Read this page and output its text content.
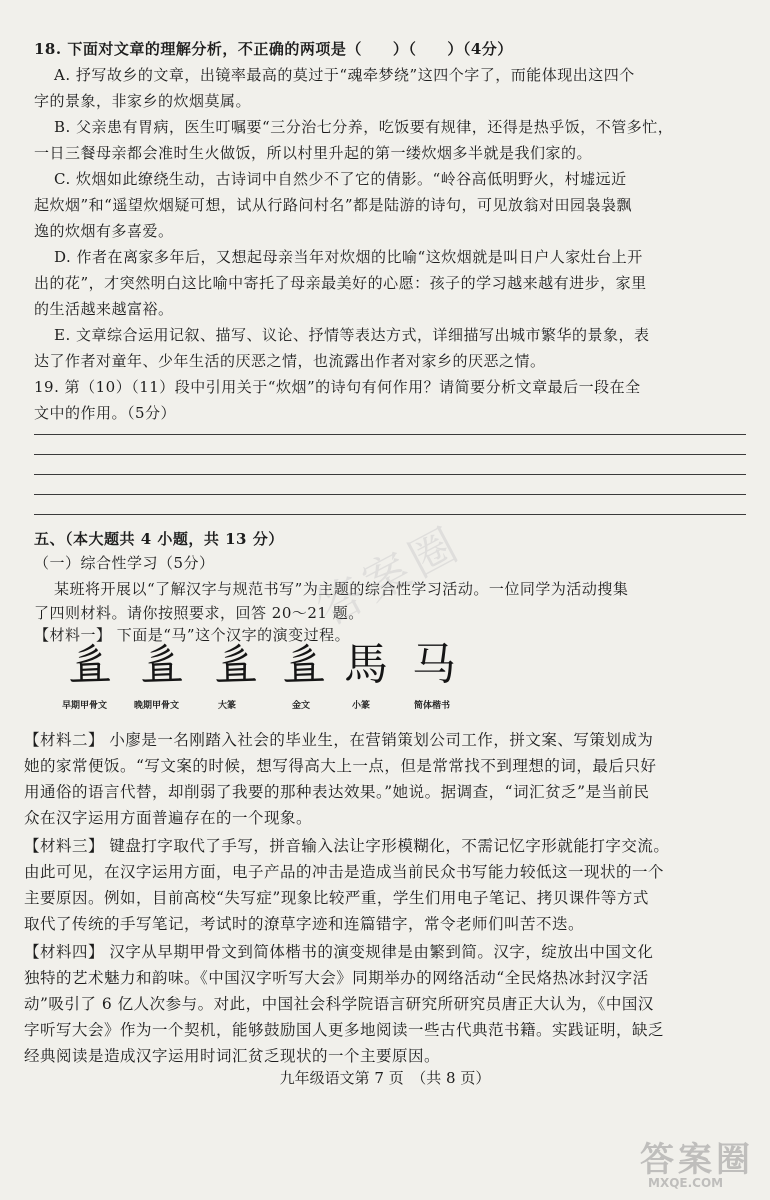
18. 下面对文章的理解分析，不正确的两项是（　　）（　　）（4分）
A. 抒写故乡的文章，出镜率最高的莫过于“魂牵梦绕”这四个字了，而能体现出这四个
字的景象，非家乡的炊烟莫属。
B. 父亲患有胃病，医生叮嘱要“三分治七分养，吃饭要有规律，还得是热乎饭，不管多忙，
一日三餐母亲都会准时生火做饭，所以村里升起的第一缕炊烟多半就是我们家的。
C. 炊烟如此缭绕生动，古诗词中自然少不了它的倩影。“岭谷高低明野火，村墟远近
起炊烟”和“遥望炊烟疑可想，试从行路问村名”都是陆游的诗句，可见放翁对田园袅袅飘
逸的炊烟有多喜爱。
D. 作者在离家多年后，又想起母亲当年对炊烟的比喻“这炊烟就是叫日户人家灶台上开
出的花”，才突然明白这比喻中寄托了母亲最美好的心愿：孩子的学习越来越有进步，家里
的生活越来越富裕。
E. 文章综合运用记叙、描写、议论、抒情等表达方式，详细描写出城市繁华的景象，表
达了作者对童年、少年生活的厌恶之情，也流露出作者对家乡的厌恶之情。
19. 第（10）（11）段中引用关于“炊烟”的诗句有何作用？请简要分析文章最后一段在全
文中的作用。（5分）
五、（本大题共 4 小题，共 13 分）
（一）综合性学习（5分）
某班将开展以“了解汉字与规范书写”为主题的综合性学习活动。一位同学为活动搜集
了四则材料。请你按照要求，回答 20～21 题。
【材料一】 下面是“马”这个汉字的演变过程。
𢒉 𢒉 𢒉 𢒉 馬 马
早期甲骨文	晚期甲骨文	大篆	金文	小篆	简体楷书
【材料二】 小廖是一名刚踏入社会的毕业生，在营销策划公司工作，拼文案、写策划成为
她的家常便饭。“写文案的时候，想写得高大上一点，但是常常找不到理想的词，最后只好
用通俗的语言代替，却削弱了我要的那种表达效果。”她说。据调查，“词汇贫乏”是当前民
众在汉字运用方面普遍存在的一个现象。
【材料三】 键盘打字取代了手写，拼音输入法让字形模糊化，不需记忆字形就能打字交流。
由此可见，在汉字运用方面，电子产品的冲击是造成当前民众书写能力较低这一现状的一个
主要原因。例如，目前高校“失写症”现象比较严重，学生们用电子笔记、拷贝课件等方式
取代了传统的手写笔记，考试时的潦草字迹和连篇错字，常令老师们叫苦不迭。
【材料四】 汉字从早期甲骨文到简体楷书的演变规律是由繁到简。汉字，绽放出中国文化
独特的艺术魅力和韵味。《中国汉字听写大会》同期举办的网络活动“全民烙热冰封汉字活
动”吸引了 6 亿人次参与。对此，中国社会科学院语言研究所研究员唐正大认为，《中国汉
字听写大会》作为一个契机，能够鼓励国人更多地阅读一些古代典范书籍。实践证明，缺乏
经典阅读是造成汉字运用时词汇贫乏现状的一个主要原因。
九年级语文第 7 页　（共 8 页）
答案圈
答案圈
MXQE.COM
